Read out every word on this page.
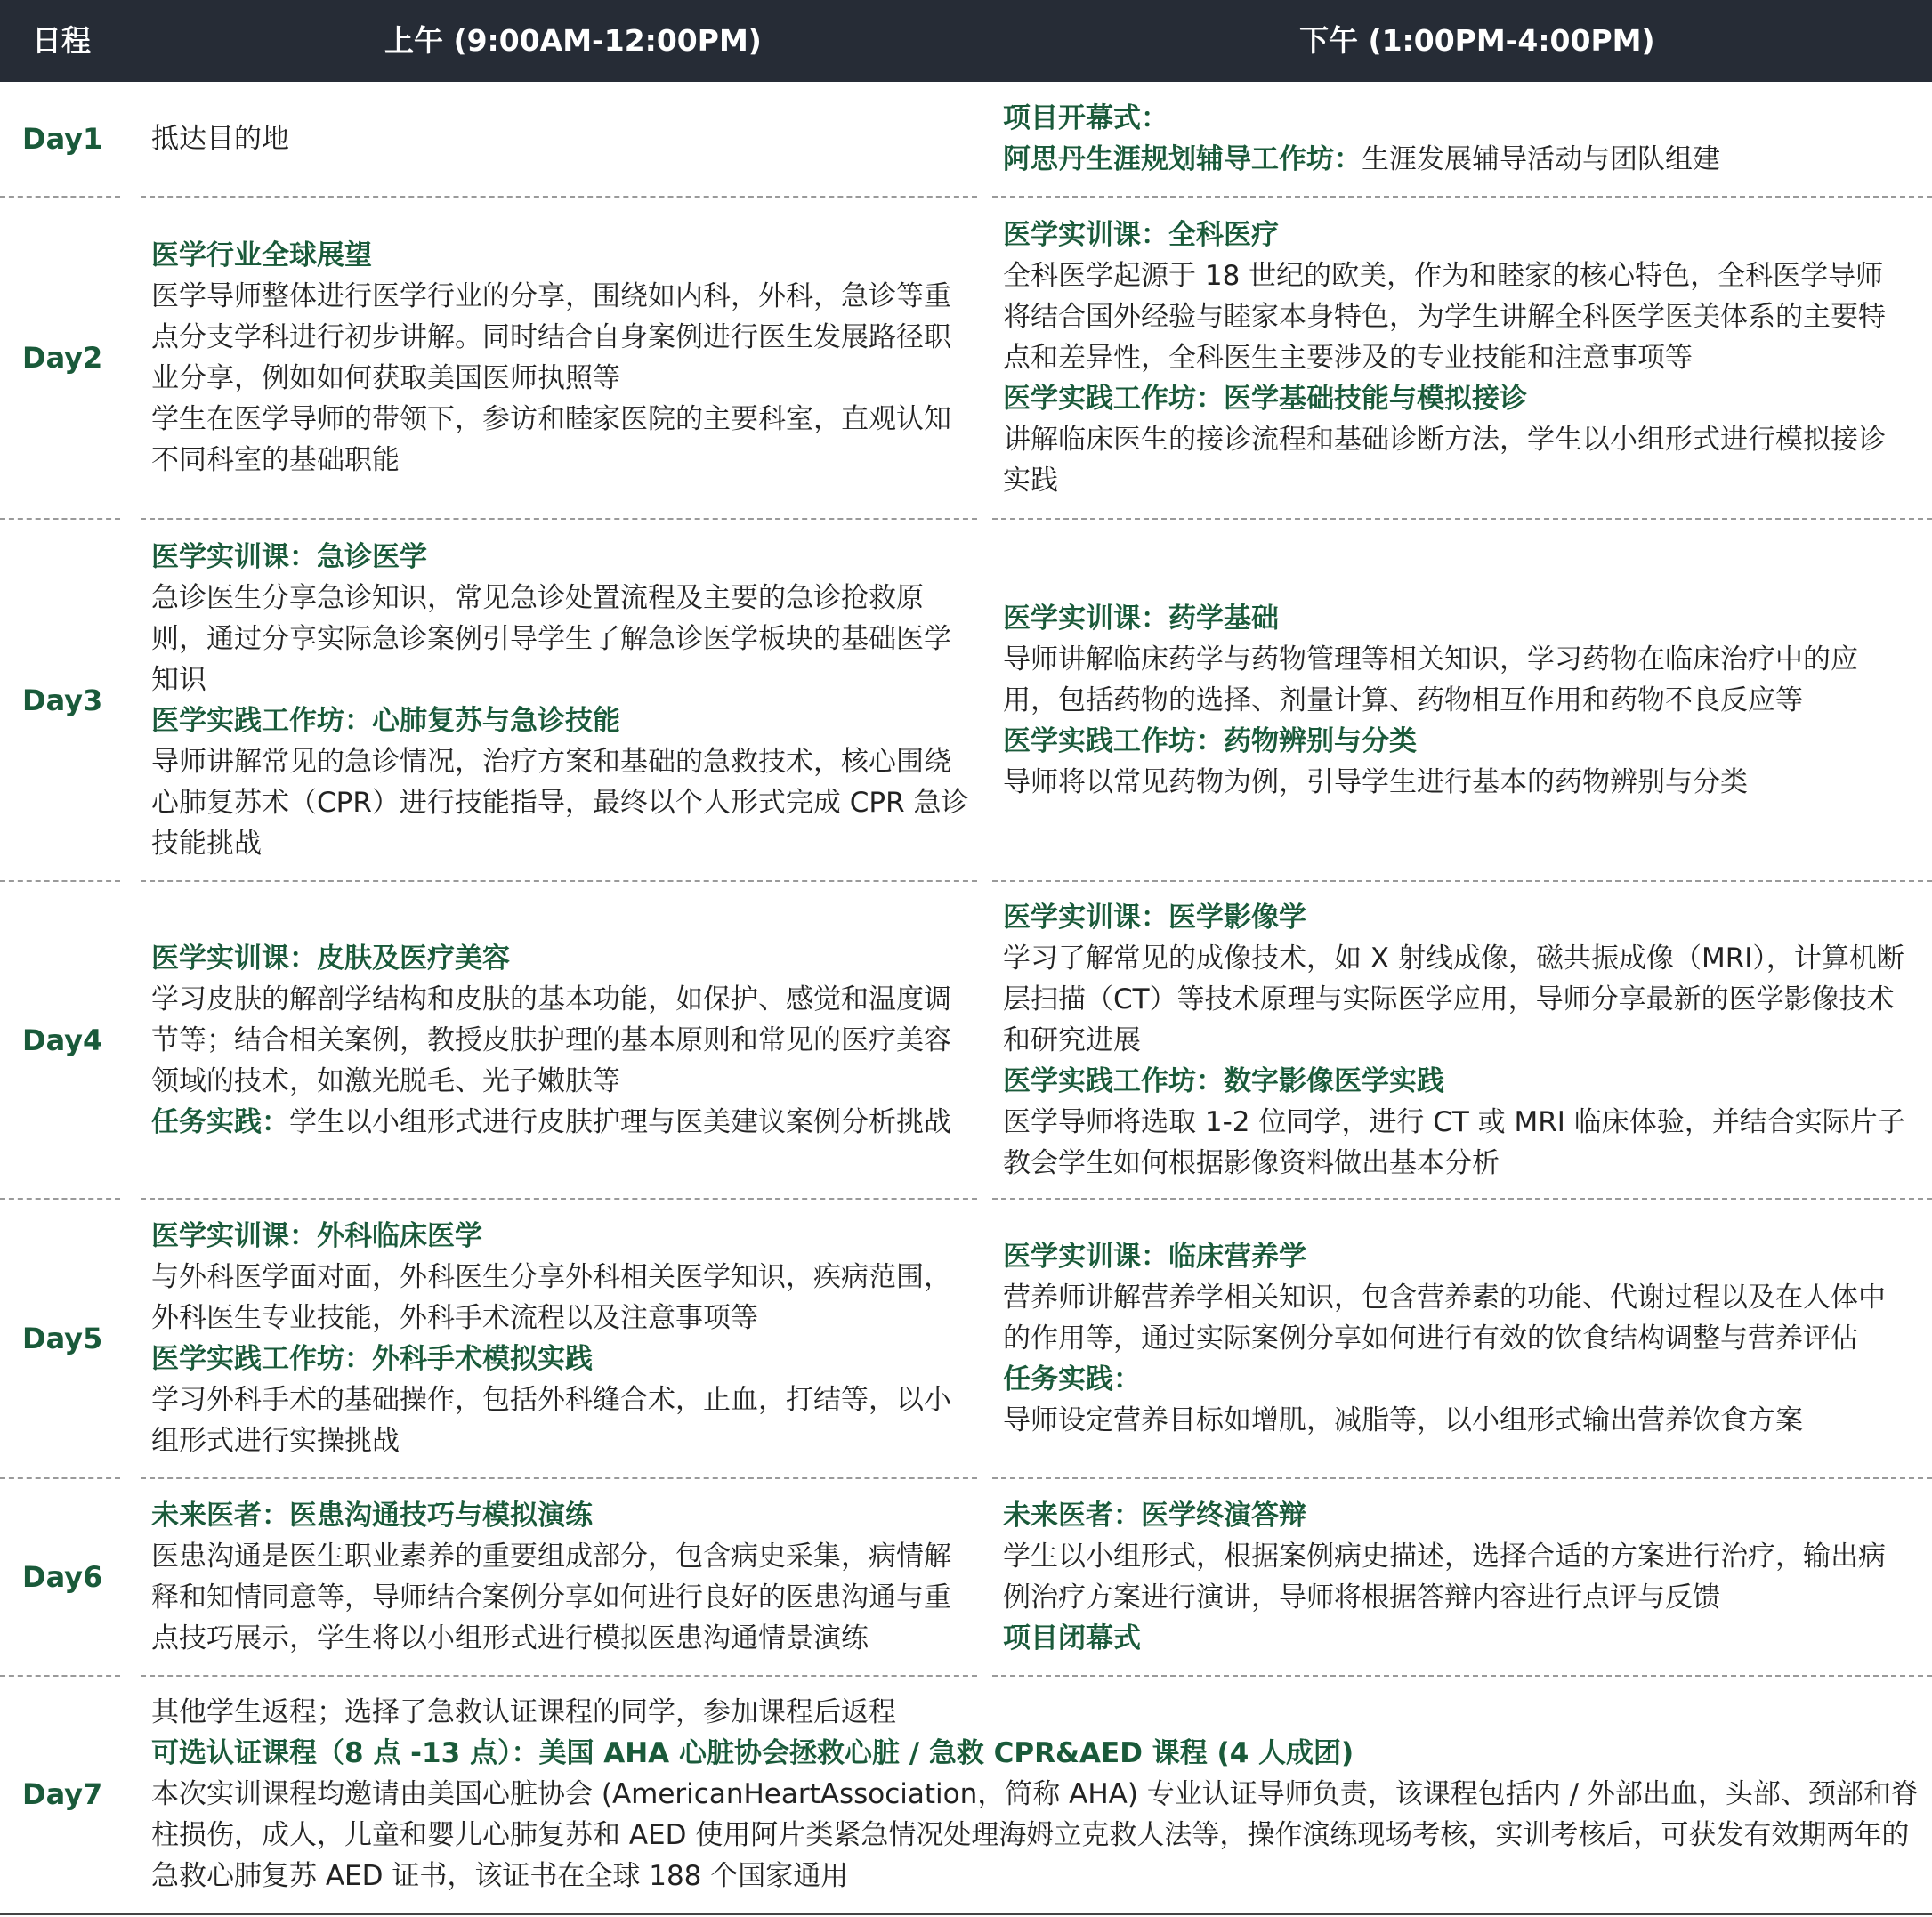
日程	上午 (9:00AM-12:00PM)	下午 (1:00PM-4:00PM)
Day1 抵达目的地
项目开幕式：
阿思丹生涯规划辅导工作坊：生涯发展辅导活动与团队组建
Day2
医学行业全球展望
医学导师整体进行医学行业的分享，围绕如内科，外科，急诊等重点分支学科进行初步讲解。同时结合自身案例进行医生发展路径职业分享，例如如何获取美国医师执照等
学生在医学导师的带领下，参访和睦家医院的主要科室，直观认知不同科室的基础职能
医学实训课：全科医疗
全科医学起源于 18 世纪的欧美，作为和睦家的核心特色，全科医学导师将结合国外经验与睦家本身特色，为学生讲解全科医学医美体系的主要特点和差异性，全科医生主要涉及的专业技能和注意事项等
医学实践工作坊：医学基础技能与模拟接诊
讲解临床医生的接诊流程和基础诊断方法，学生以小组形式进行模拟接诊实践
Day3
医学实训课：急诊医学
急诊医生分享急诊知识，常见急诊处置流程及主要的急诊抢救原则，通过分享实际急诊案例引导学生了解急诊医学板块的基础医学知识
医学实践工作坊：心肺复苏与急诊技能
导师讲解常见的急诊情况，治疗方案和基础的急救技术，核心围绕心肺复苏术（CPR）进行技能指导，最终以个人形式完成 CPR 急诊技能挑战
医学实训课：药学基础
导师讲解临床药学与药物管理等相关知识，学习药物在临床治疗中的应用，包括药物的选择、剂量计算、药物相互作用和药物不良反应等
医学实践工作坊：药物辨别与分类
导师将以常见药物为例，引导学生进行基本的药物辨别与分类
Day4
医学实训课：皮肤及医疗美容
学习皮肤的解剖学结构和皮肤的基本功能，如保护、感觉和温度调节等；结合相关案例，教授皮肤护理的基本原则和常见的医疗美容领域的技术，如激光脱毛、光子嫩肤等
任务实践：学生以小组形式进行皮肤护理与医美建议案例分析挑战
医学实训课：医学影像学
学习了解常见的成像技术，如 X 射线成像，磁共振成像（MRI），计算机断层扫描（CT）等技术原理与实际医学应用，导师分享最新的医学影像技术和研究进展
医学实践工作坊：数字影像医学实践
医学导师将选取 1-2 位同学，进行 CT 或 MRI 临床体验，并结合实际片子教会学生如何根据影像资料做出基本分析
Day5
医学实训课：外科临床医学
与外科医学面对面，外科医生分享外科相关医学知识，疾病范围，外科医生专业技能，外科手术流程以及注意事项等
医学实践工作坊：外科手术模拟实践
学习外科手术的基础操作，包括外科缝合术，止血，打结等，以小组形式进行实操挑战
医学实训课：临床营养学
营养师讲解营养学相关知识，包含营养素的功能、代谢过程以及在人体中的作用等，通过实际案例分享如何进行有效的饮食结构调整与营养评估
任务实践：
导师设定营养目标如增肌，减脂等，以小组形式输出营养饮食方案
Day6
未来医者：医患沟通技巧与模拟演练
医患沟通是医生职业素养的重要组成部分，包含病史采集，病情解释和知情同意等，导师结合案例分享如何进行良好的医患沟通与重点技巧展示，学生将以小组形式进行模拟医患沟通情景演练
未来医者：医学终演答辩
学生以小组形式，根据案例病史描述，选择合适的方案进行治疗，输出病例治疗方案进行演讲，导师将根据答辩内容进行点评与反馈
项目闭幕式
Day7
其他学生返程；选择了急救认证课程的同学，参加课程后返程
可选认证课程（8 点 -13 点）：美国 AHA 心脏协会拯救心脏 / 急救 CPR&AED 课程 (4 人成团)
本次实训课程均邀请由美国心脏协会 (AmericanHeartAssociation，简称 AHA) 专业认证导师负责，该课程包括内 / 外部出血，头部、颈部和脊柱损伤，成人，儿童和婴儿心肺复苏和 AED 使用阿片类紧急情况处理海姆立克救人法等，操作演练现场考核，实训考核后，可获发有效期两年的急救心肺复苏 AED 证书，该证书在全球 188 个国家通用
